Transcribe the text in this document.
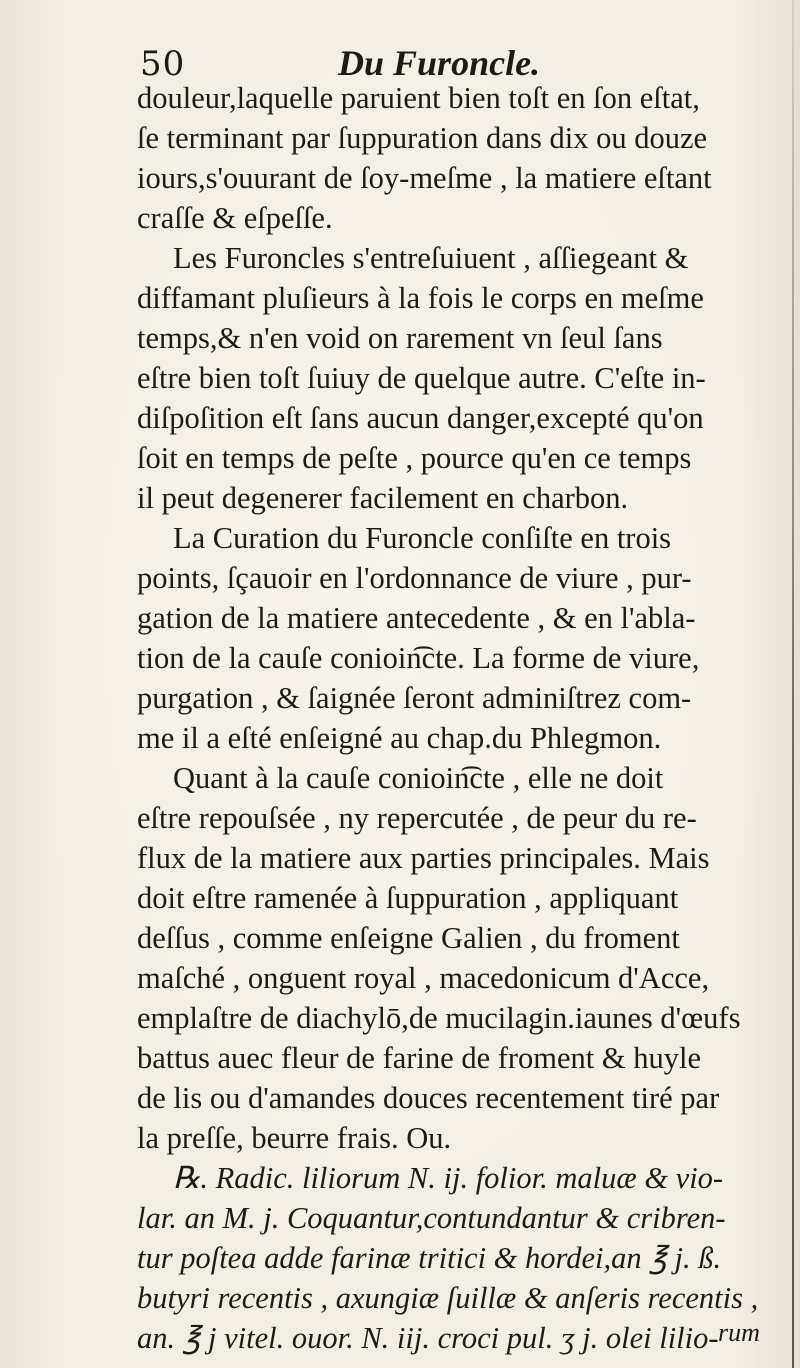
50	Du Furoncle.
douleur,laquelle paruient bien toſt en ſon eſtat,
ſe terminant par ſuppuration dans dix ou douze
iours,s'ouurant de ſoy-meſme , la matiere eſtant
craſſe & eſpeſſe.
Les Furoncles s'entreſuiuent , aſſiegeant &
diffamant pluſieurs à la fois le corps en meſme
temps,& n'en void on rarement vn ſeul ſans
eſtre bien toſt ſuiuy de quelque autre. C'eſte in-
diſpoſition eſt ſans aucun danger,excepté qu'on
ſoit en temps de peſte , pource qu'en ce temps
il peut degenerer facilement en charbon.
La Curation du Furoncle conſiſte en trois
points, ſçauoir en l'ordonnance de viure , pur-
gation de la matiere antecedente , & en l'abla-
tion de la cauſe conioin͡cte. La forme de viure,
purgation , & ſaignée ſeront adminiſtrez com-
me il a eſté enſeigné au chap.du Phlegmon.
Quant à la cauſe conioin͡cte , elle ne doit
eſtre repouſsée , ny repercutée , de peur du re-
flux de la matiere aux parties principales. Mais
doit eſtre ramenée à ſuppuration , appliquant
deſſus , comme enſeigne Galien , du froment
maſché , onguent royal , macedonicum d'Acce,
emplaſtre de diachylō,de mucilagin.iaunes d'œufs
battus auec fleur de farine de froment & huyle
de lis ou d'amandes douces recentement tiré par
la preſſe, beurre frais. Ou.
℞. Radic. liliorum N. ij. folior. maluæ & vio-
lar. an M. j. Coquantur,contundantur & cribren-
tur poſtea adde farinæ tritici & hordei,an ℥ j. ß.
butyri recentis , axungiæ ſuillæ & anſeris recentis ,
an. ℥ j vitel. ouor. N. iij. croci pul. ʒ j. olei lilio- rum
